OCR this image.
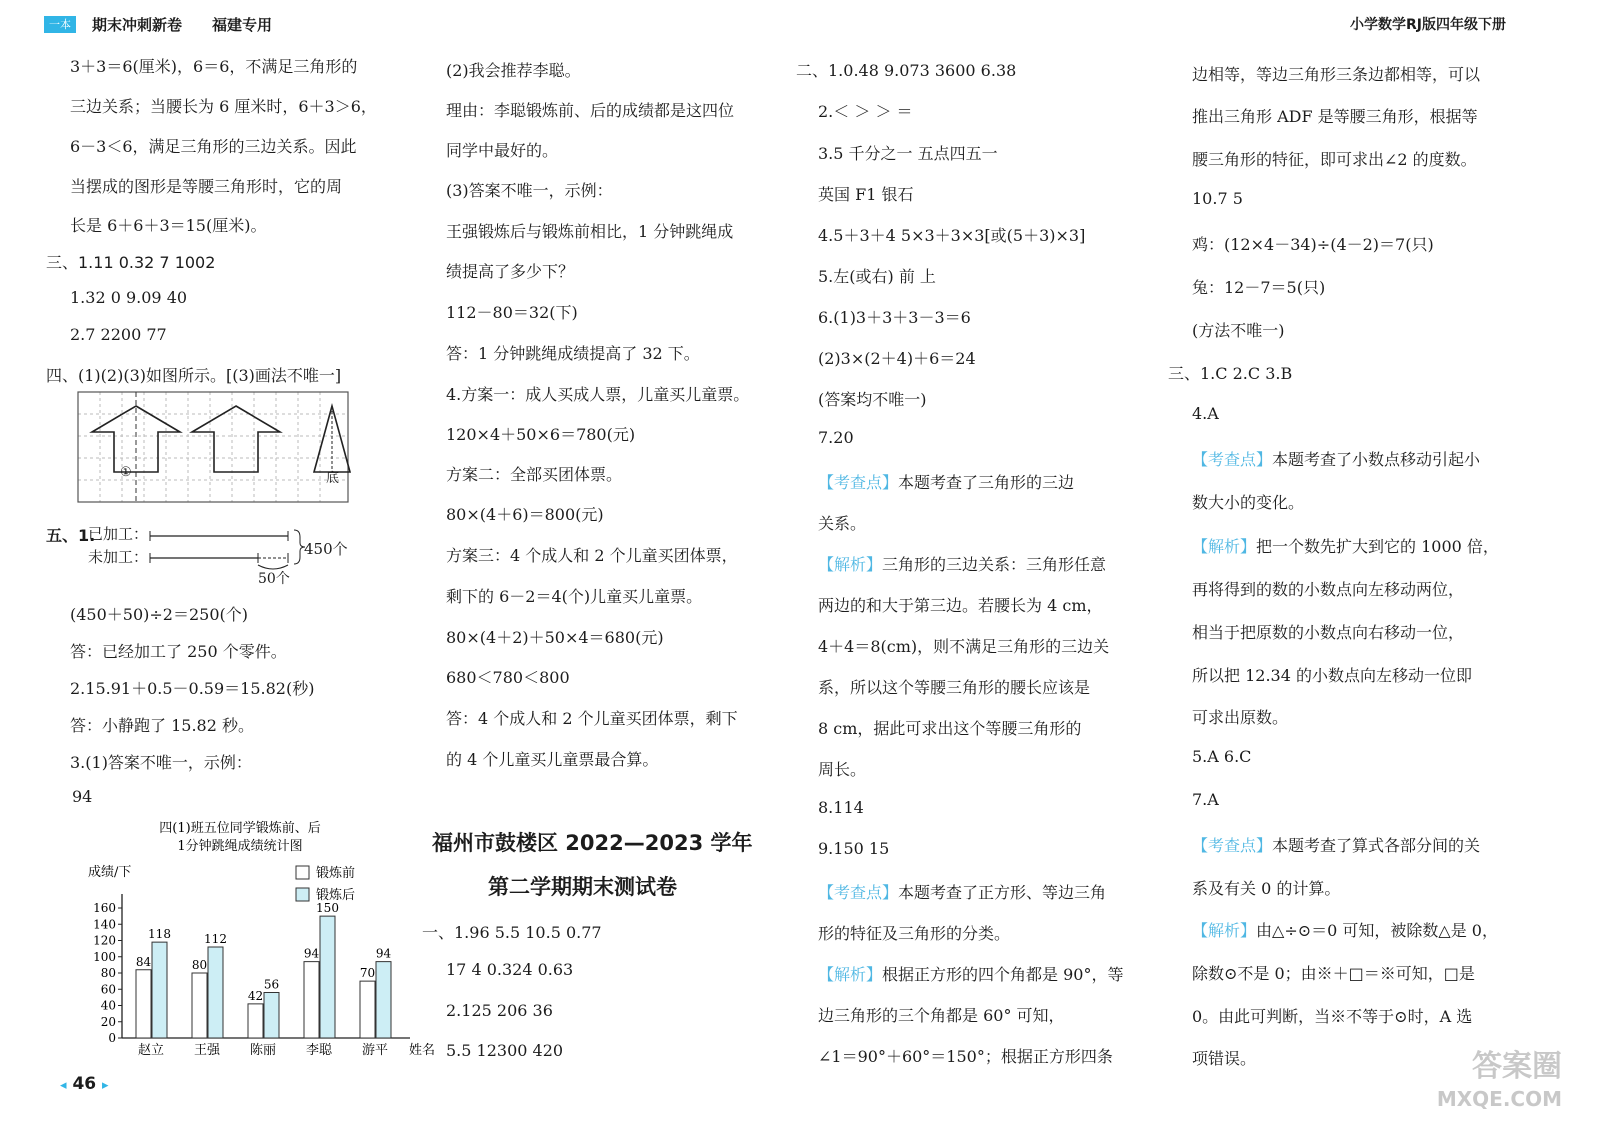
一本	期末冲刺新卷 福建专用	小学数学RJ版四年级下册
3＋3＝6(厘米)，6＝6，不满足三角形的
三边关系；当腰长为 6 厘米时，6＋3＞6，
6－3＜6，满足三角形的三边关系。因此
当摆成的图形是等腰三角形时，它的周
长是 6＋6＋3＝15(厘米)。
三、1.11 0.32 7 1002
1.32 0 9.09 40
2.7 2200 77
四、(1)(2)(3)如图所示。[(3)画法不唯一]
①	底
五、1.
已加工：
未加工：	450个
50个
(450＋50)÷2＝250(个)
答：已经加工了 250 个零件。
2.15.91＋0.5－0.59＝15.82(秒)
答：小静跑了 15.82 秒。
3.(1)答案不唯一，示例：
94
四(1)班五位同学锻炼前、后
1分钟跳绳成绩统计图
成绩/下	锻炼前
锻炼后
0
20
40
60
80
100
120
140
160
84
118
赵立
80
112
王强
42
56
陈丽
94
150
李聪
70
94
游平 姓名
(2)我会推荐李聪。
理由：李聪锻炼前、后的成绩都是这四位
同学中最好的。
(3)答案不唯一，示例：
王强锻炼后与锻炼前相比，1 分钟跳绳成
绩提高了多少下？
112－80＝32(下)
答：1 分钟跳绳成绩提高了 32 下。
4.方案一：成人买成人票，儿童买儿童票。
120×4＋50×6＝780(元)
方案二：全部买团体票。
80×(4＋6)＝800(元)
方案三：4 个成人和 2 个儿童买团体票，
剩下的 6－2＝4(个)儿童买儿童票。
80×(4＋2)＋50×4＝680(元)
680＜780＜800
答：4 个成人和 2 个儿童买团体票，剩下
的 4 个儿童买儿童票最合算。
福州市鼓楼区 2022—2023 学年
第二学期期末测试卷
一、1.96 5.5 10.5 0.77
17 4 0.324 0.63
2.125 206 36
5.5 12300 420
二、1.0.48 9.073 3600 6.38
2.＜ ＞ ＞ ＝
3.5 千分之一 五点四五一
英国 F1 银石
4.5＋3＋4 5×3＋3×3[或(5＋3)×3]
5.左(或右) 前 上
6.(1)3＋3＋3－3＝6
(2)3×(2＋4)＋6＝24
(答案均不唯一)
7.20
【考查点】本题考查了三角形的三边
关系。
【解析】三角形的三边关系：三角形任意
两边的和大于第三边。若腰长为 4 cm，
4＋4＝8(cm)，则不满足三角形的三边关
系，所以这个等腰三角形的腰长应该是
8 cm，据此可求出这个等腰三角形的
周长。
8.114
9.150 15
【考查点】本题考查了正方形、等边三角
形的特征及三角形的分类。
【解析】根据正方形的四个角都是 90°，等
边三角形的三个角都是 60° 可知，
∠1＝90°＋60°＝150°；根据正方形四条
边相等，等边三角形三条边都相等，可以
推出三角形 ADF 是等腰三角形，根据等
腰三角形的特征，即可求出∠2 的度数。
10.7 5
鸡：(12×4－34)÷(4－2)＝7(只)
兔：12－7＝5(只)
(方法不唯一)
三、1.C 2.C 3.B
4.A
【考查点】本题考查了小数点移动引起小
数大小的变化。
【解析】把一个数先扩大到它的 1000 倍，
再将得到的数的小数点向左移动两位，
相当于把原数的小数点向右移动一位，
所以把 12.34 的小数点向左移动一位即
可求出原数。
5.A 6.C
7.A
【考查点】本题考查了算式各部分间的关
系及有关 0 的计算。
【解析】由△÷⊙＝0 可知，被除数△是 0，
除数⊙不是 0；由※＋□＝※可知，□是
0。由此可判断，当※不等于⊙时，A 选
项错误。
◂ 46 ▸
答案圈
MXQE.COM
